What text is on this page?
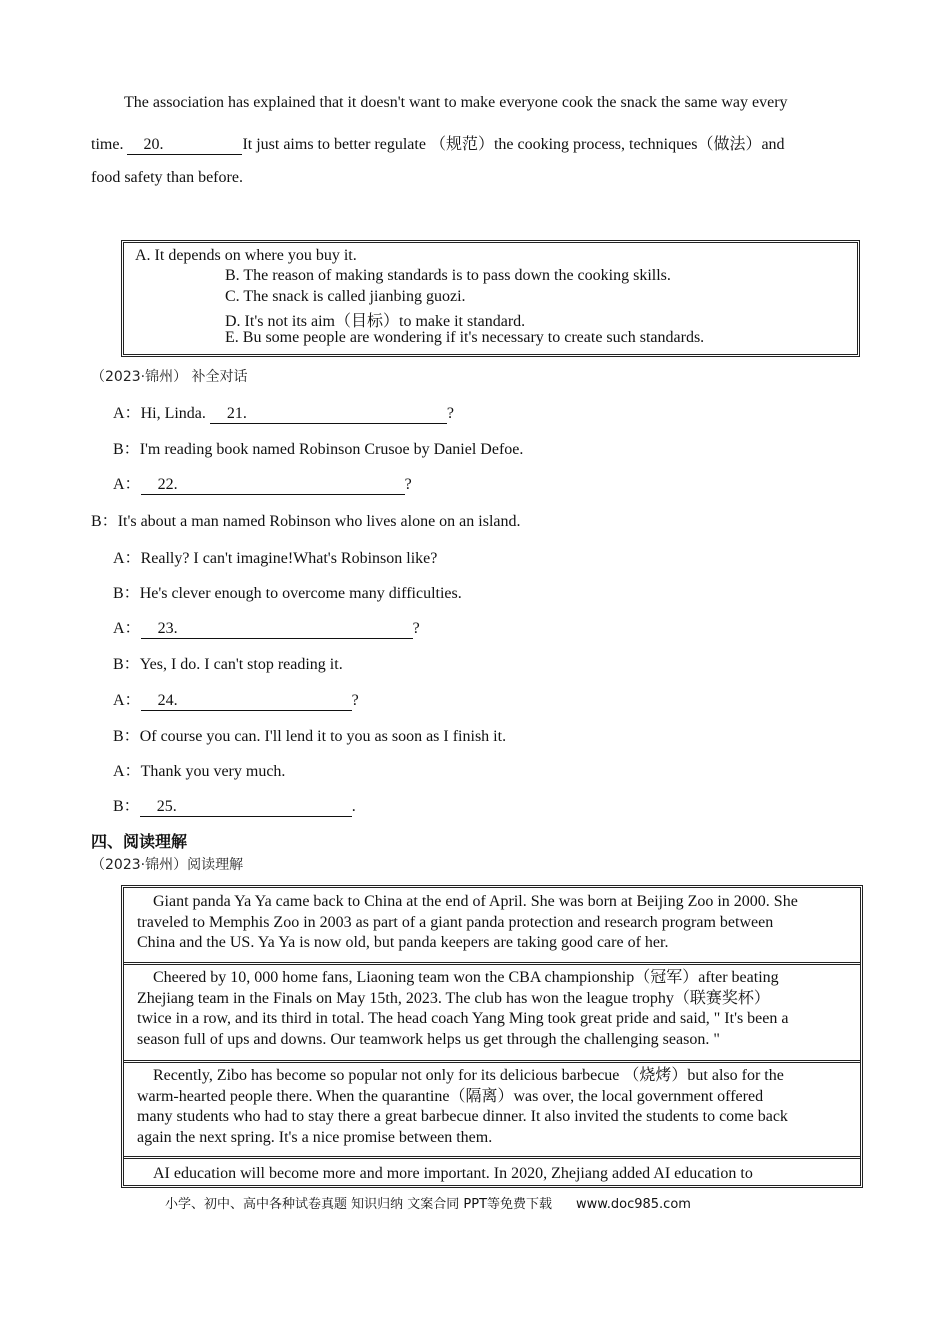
The association has explained that it doesn't want to make everyone cook the snack the same way every
time. 20.	It just aims to better regulate （规范）the cooking process, techniques（做法）and
food safety than before.
A. It depends on where you buy it.
B. The reason of making standards is to pass down the cooking skills.
C. The snack is called jianbing guozi.
D. It's not its aim（目标）to make it standard.
E. Bu some people are wondering if it's necessary to create such standards.
（2023·锦州） 补全对话
A：Hi, Linda. 21.	?
B：I'm reading book named Robinson Crusoe by Daniel Defoe.
A： 22.	?
B：It's about a man named Robinson who lives alone on an island.
A：Really? I can't imagine!What's Robinson like?
B：He's clever enough to overcome many difficulties.
A： 23.	?
B：Yes, I do. I can't stop reading it.
A： 24.	?
B：Of course you can. I'll lend it to you as soon as I finish it.
A：Thank you very much.
B： 25.	.
四、阅读理解
（2023·锦州）阅读理解
Giant panda Ya Ya came back to China at the end of April. She was born at Beijing Zoo in 2000. She
traveled to Memphis Zoo in 2003 as part of a giant panda protection and research program between
China and the US. Ya Ya is now old, but panda keepers are taking good care of her.
Cheered by 10, 000 home fans, Liaoning team won the CBA championship（冠军）after beating
Zhejiang team in the Finals on May 15th, 2023. The club has won the league trophy（联赛奖杯）
twice in a row, and its third in total. The head coach Yang Ming took great pride and said, " It's been a
season full of ups and downs. Our teamwork helps us get through the challenging season. "
Recently, Zibo has become so popular not only for its delicious barbecue （烧烤）but also for the
warm-hearted people there. When the quarantine（隔离）was over, the local government offered
many students who had to stay there a great barbecue dinner. It also invited the students to come back
again the next spring. It's a nice promise between them.
AI education will become more and more important. In 2020, Zhejiang added AI education to
小学、初中、高中各种试卷真题 知识归纳 文案合同 PPT等免费下载 www.doc985.com
